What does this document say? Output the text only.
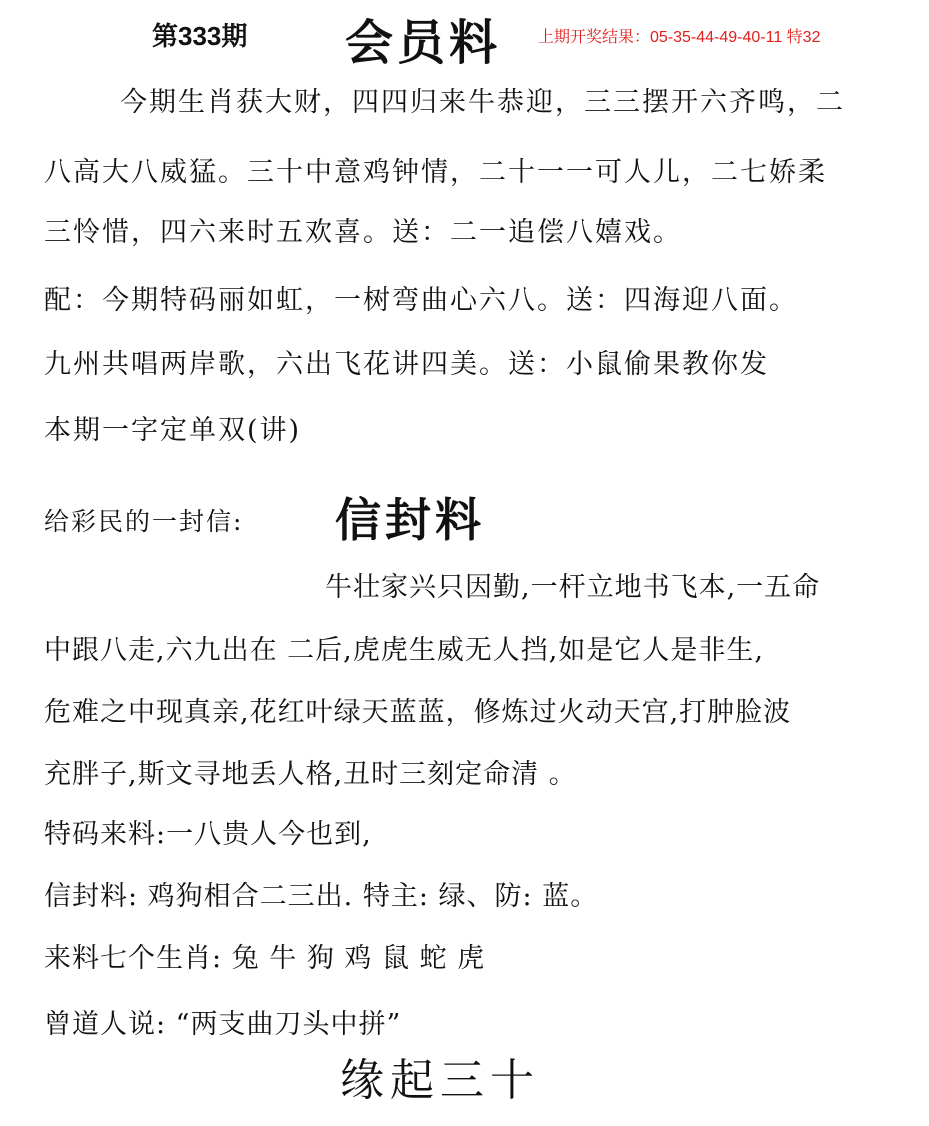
第333期 会员料 上期开奖结果：05-35-44-49-40-11 特32
今期生肖获大财，四四归来牛恭迎，三三摆开六齐鸣，二
八高大八威猛。三十中意鸡钟情，二十一一可人儿，二七娇柔
三怜惜，四六来时五欢喜。送：二一追偿八嬉戏。
配：今期特码丽如虹，一树弯曲心六八。送：四海迎八面。
九州共唱两岸歌，六出飞花讲四美。送：小鼠偷果教你发
本期一字定单双(讲)
给彩民的一封信: 信封料
牛壮家兴只因勤,一杆立地书飞本,一五命
中跟八走,六九出在 二后,虎虎生威无人挡,如是它人是非生,
危难之中现真亲,花红叶绿天蓝蓝，修炼过火动天宫,打肿脸波
充胖子,斯文寻地丢人格,丑时三刻定命清 。
特码来料:一八贵人今也到,
信封料: 鸡狗相合二三出. 特主: 绿、防: 蓝。
来料七个生肖: 兔 牛 狗 鸡 鼠 蛇 虎
曾道人说: “两支曲刀头中拼”
缘起三十
